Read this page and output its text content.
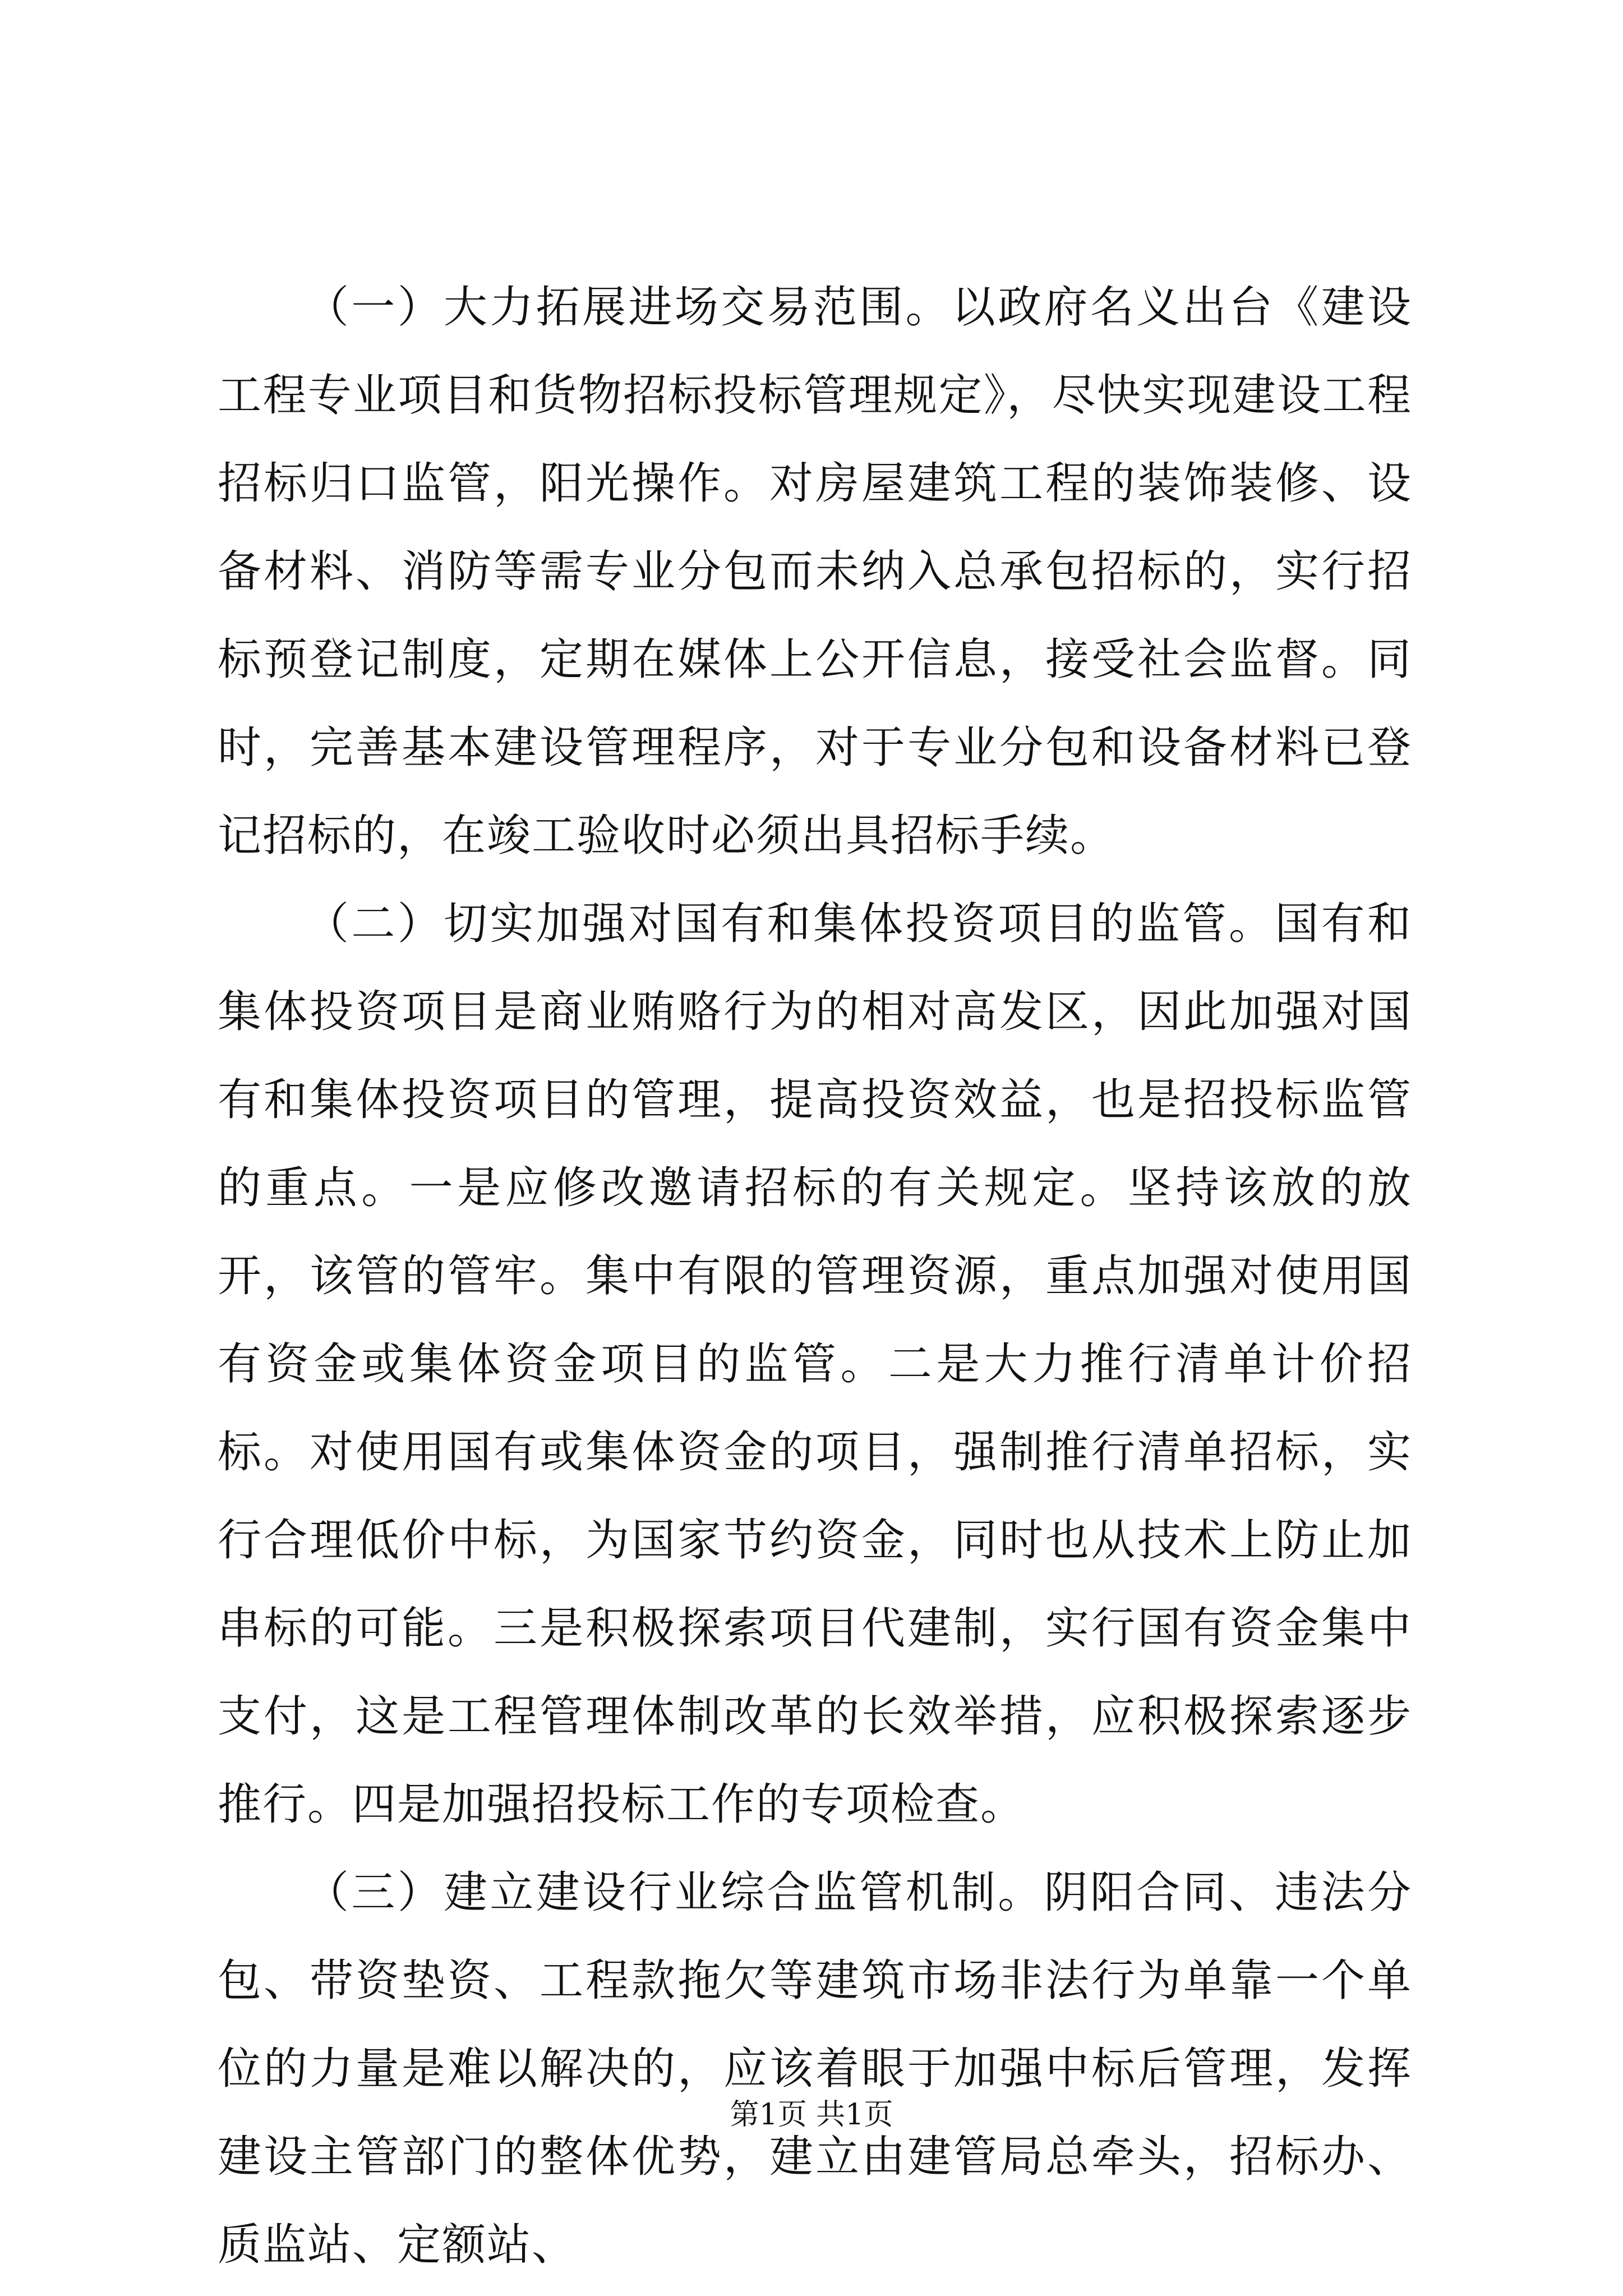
（一）大力拓展进场交易范围。以政府名义出台《建设工程专业项目和货物招标投标管理规定》，尽快实现建设工程招标归口监管，阳光操作。对房屋建筑工程的装饰装修、设备材料、消防等需专业分包而未纳入总承包招标的，实行招标预登记制度，定期在媒体上公开信息，接受社会监督。同时，完善基本建设管理程序，对于专业分包和设备材料已登记招标的，在竣工验收时必须出具招标手续。

（二）切实加强对国有和集体投资项目的监管。国有和集体投资项目是商业贿赂行为的相对高发区，因此加强对国有和集体投资项目的管理，提高投资效益，也是招投标监管的重点。一是应修改邀请招标的有关规定。坚持该放的放开，该管的管牢。集中有限的管理资源，重点加强对使用国有资金或集体资金项目的监管。二是大力推行清单计价招标。对使用国有或集体资金的项目，强制推行清单招标，实行合理低价中标，为国家节约资金，同时也从技术上防止加串标的可能。三是积极探索项目代建制，实行国有资金集中支付，这是工程管理体制改革的长效举措，应积极探索逐步推行。四是加强招投标工作的专项检查。

（三）建立建设行业综合监管机制。阴阳合同、违法分包、带资垫资、工程款拖欠等建筑市场非法行为单靠一个单位的力量是难以解决的，应该着眼于加强中标后管理，发挥建设主管部门的整体优势，建立由建管局总牵头，招标办、质监站、定额站、

第1页 共1页
